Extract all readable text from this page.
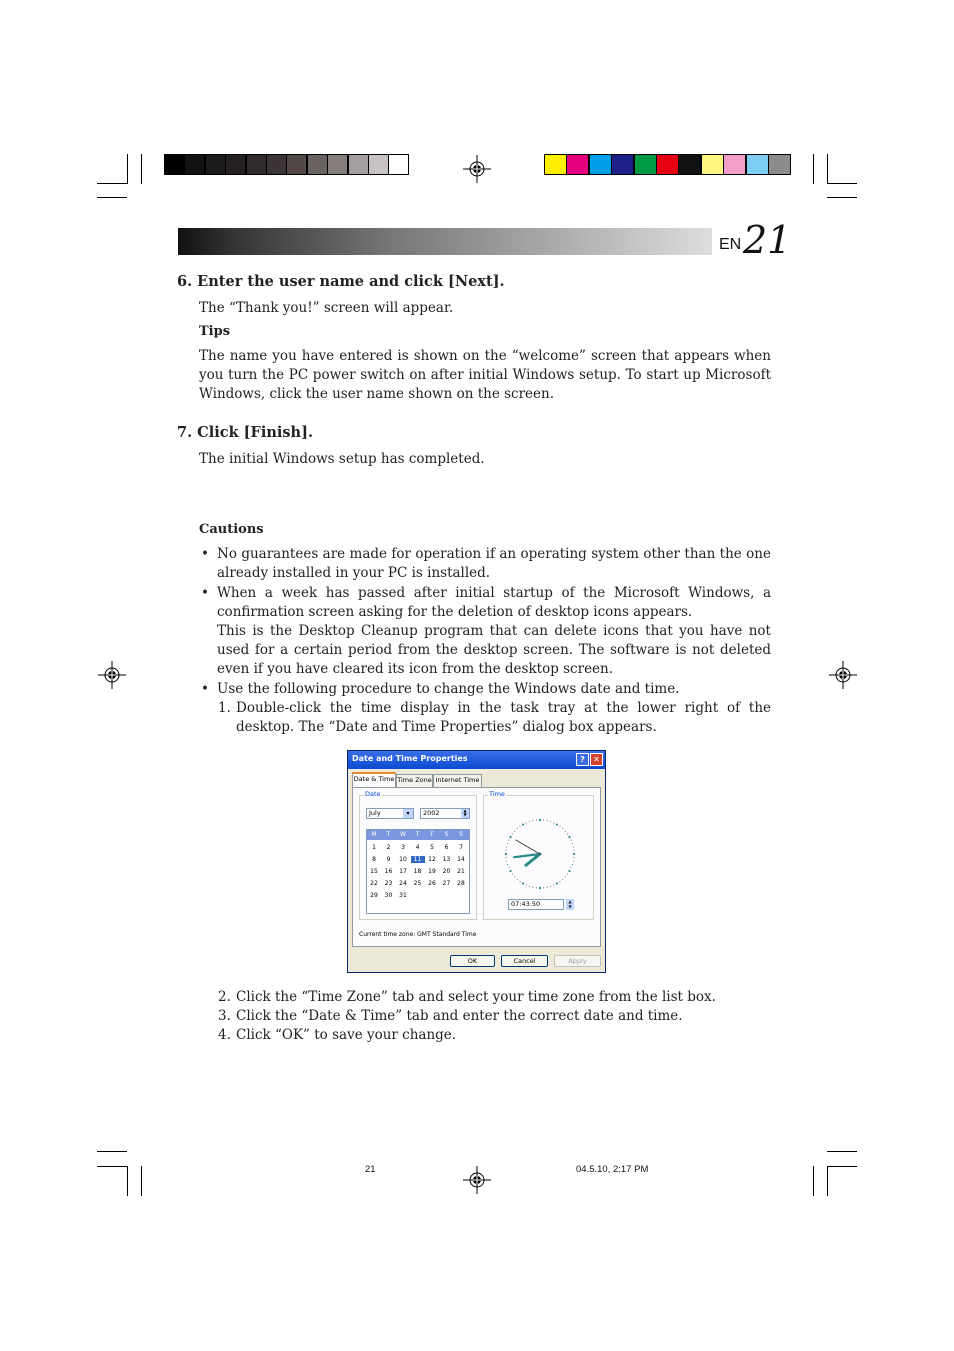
EN 21
6. Enter the user name and click [Next].
The “Thank you!” screen will appear.
Tips
The name you have entered is shown on the “welcome” screen that appears when you turn the PC power switch on after initial Windows setup. To start up Microsoft Windows, click the user name shown on the screen.
7. Click [Finish].
The initial Windows setup has completed.
Cautions
• No guarantees are made for operation if an operating system other than the one already installed in your PC is installed.
• When a week has passed after initial startup of the Microsoft Windows, a confirmation screen asking for the deletion of desktop icons appears.
This is the Desktop Cleanup program that can delete icons that you have not used for a certain period from the desktop screen. The software is not deleted even if you have cleared its icon from the desktop screen.
• Use the following procedure to change the Windows date and time.
1. Double-click the time display in the task tray at the lower right of the desktop. The “Date and Time Properties” dialog box appears.
Date and Time Properties	?	✕
Date & Time Time Zone Internet Time
Date
July	▾	2002	▲
▼
M	T	W	T	F	S	S
1	2	3	4	5	6	7
8	9	10	11	12	13	14
15	16	17	18	19	20	21
22	23	24	25	26	27	28
29	30	31
Time
07:43:50	▲
▼
Current time zone: GMT Standard Time
OK	Cancel	Apply
2. Click the “Time Zone” tab and select your time zone from the list box.
3. Click the “Date & Time” tab and enter the correct date and time.
4. Click “OK” to save your change.
21	04.5.10, 2:17 PM
